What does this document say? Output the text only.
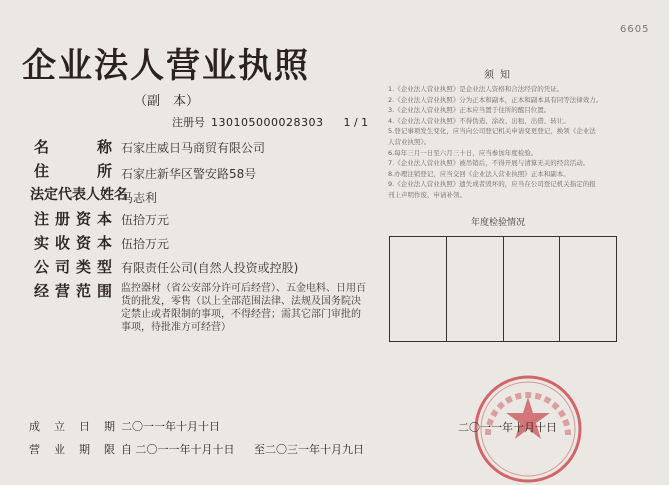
6605
企业法人营业执照
（副　本）
注册号 130105000028303 1 / 1
名	称 石家庄威日马商贸有限公司
住	所 石家庄新华区警安路58号
法定代表人姓名
马志利
注册资本 伍拾万元
实收资本 伍拾万元
公司类型 有限责任公司(自然人投资或控股)
经营范围 监控器材（省公安部分许可后经营）、五金电料、日用百货的批发，零售（以上全部范围法律、法规及国务院决定禁止或者限制的事项，不得经营；需其它部门审批的事项，待批准方可经营）
成 立 日 期 二〇一一年十月十日
营 业 期 限 自 二〇一一年十月十日 至二〇三一年十月九日
须知
1.《企业法人营业执照》是企业法人资格和合法经营的凭证。
2.《企业法人营业执照》分为正本和副本，正本和副本具有同等法律效力。
3.《企业法人营业执照》正本应当置于住所的醒目位置。
4.《企业法人营业执照》不得伪造、涂改、出租、出借、转让。
5.登记事项发生变化，应当向公司登记机关申请变更登记，换领《企业法
人营业执照》。
6.每年三月一日至六月三十日，应当参加年度检验。
7.《企业法人营业执照》被吊销后，不得开展与清算无关的经营活动。
8.办理注销登记，应当交回《企业法人营业执照》正本和副本。
9.《企业法人营业执照》遗失或者毁坏的，应当在公司登记机关指定的报
刊上声明作废，申请补领。
年度检验情况
二〇一一年十月十日
